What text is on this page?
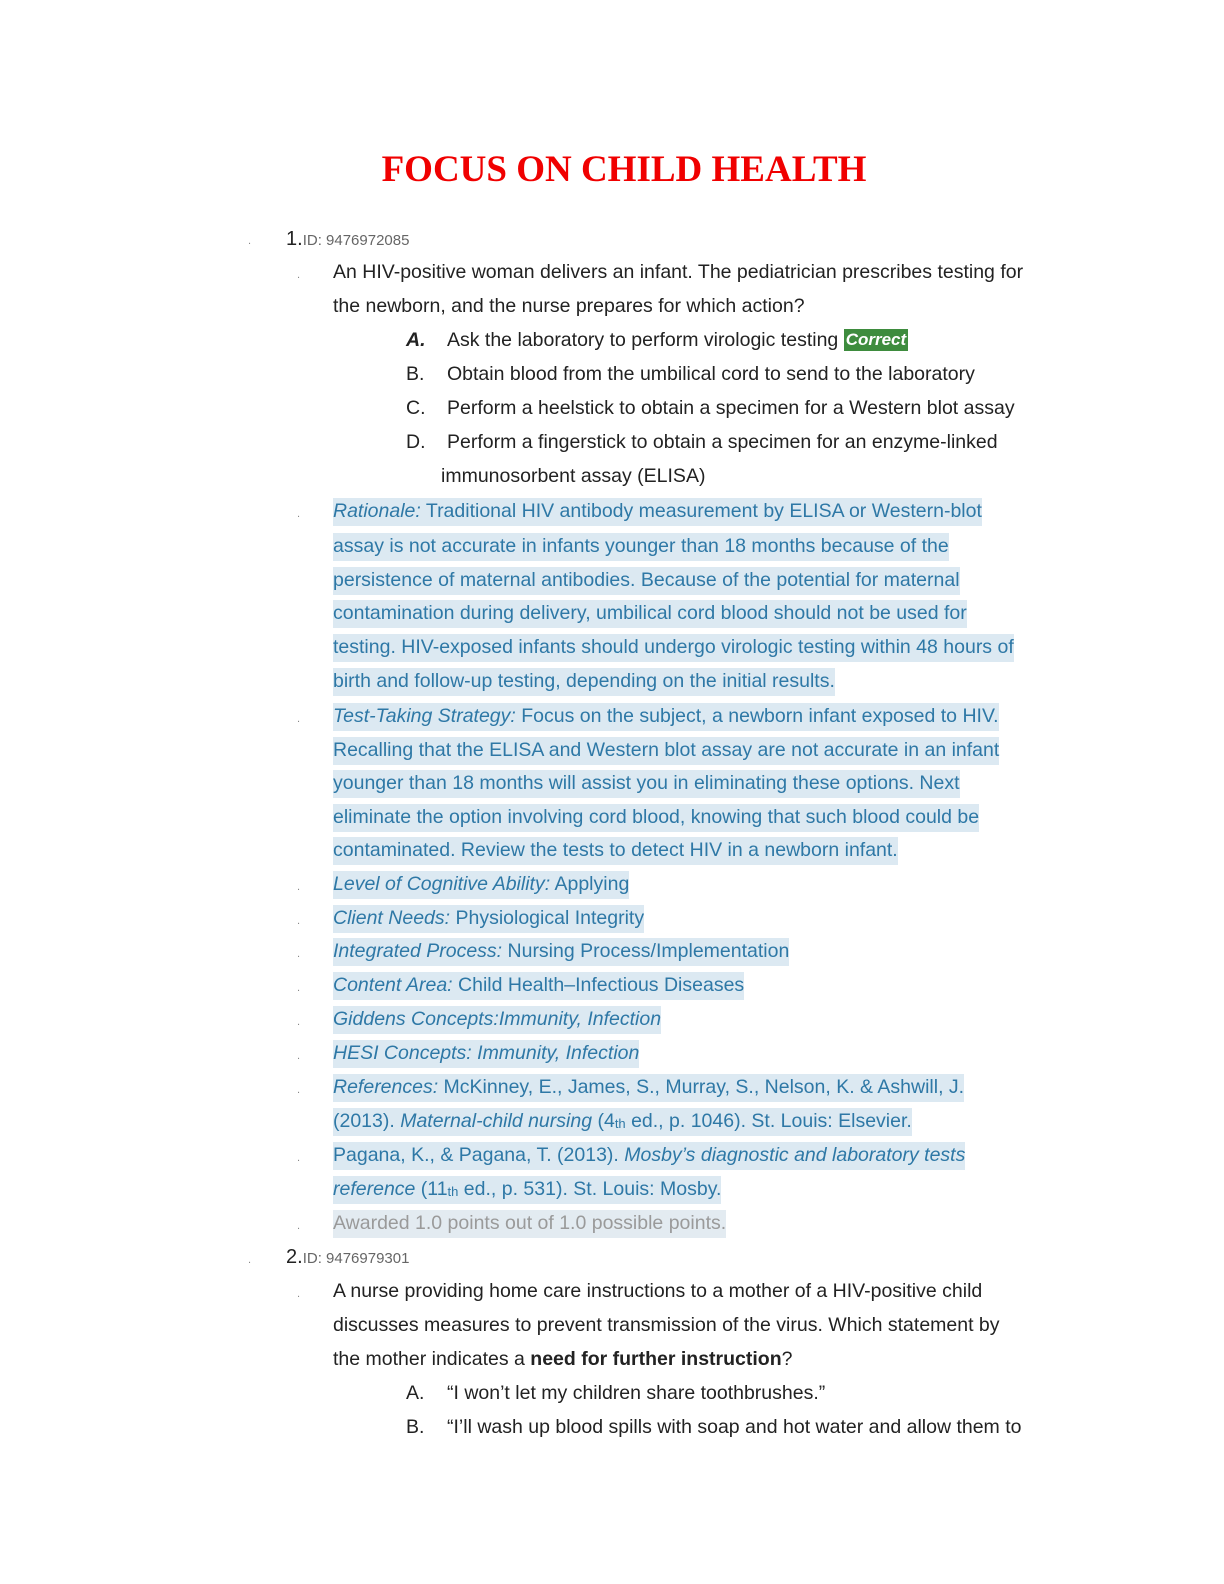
FOCUS ON CHILD HEALTH
. 1.ID: 9476972085
. An HIV-positive woman delivers an infant. The pediatrician prescribes testing for
the newborn, and the nurse prepares for which action?
A. Ask the laboratory to perform virologic testing Correct
B. Obtain blood from the umbilical cord to send to the laboratory
C. Perform a heelstick to obtain a specimen for a Western blot assay
D. Perform a fingerstick to obtain a specimen for an enzyme-linked
immunosorbent assay (ELISA)
. Rationale: Traditional HIV antibody measurement by ELISA or Western-blot
assay is not accurate in infants younger than 18 months because of the
persistence of maternal antibodies. Because of the potential for maternal
contamination during delivery, umbilical cord blood should not be used for
testing. HIV-exposed infants should undergo virologic testing within 48 hours of
birth and follow-up testing, depending on the initial results.
. Test-Taking Strategy: Focus on the subject, a newborn infant exposed to HIV.
Recalling that the ELISA and Western blot assay are not accurate in an infant
younger than 18 months will assist you in eliminating these options. Next
eliminate the option involving cord blood, knowing that such blood could be
contaminated. Review the tests to detect HIV in a newborn infant.
. Level of Cognitive Ability: Applying
. Client Needs: Physiological Integrity
. Integrated Process: Nursing Process/Implementation
. Content Area: Child Health–Infectious Diseases
. Giddens Concepts:Immunity, Infection
. HESI Concepts: Immunity, Infection
. References: McKinney, E., James, S., Murray, S., Nelson, K. & Ashwill, J.
(2013). Maternal-child nursing ($4_{th}$ ed., p. 1046). St. Louis: Elsevier.
. Pagana, K., & Pagana, T. (2013). Mosby’s diagnostic and laboratory tests
reference ($11_{th}$ ed., p. 531). St. Louis: Mosby.
. Awarded 1.0 points out of 1.0 possible points.
. 2.ID: 9476979301
. A nurse providing home care instructions to a mother of a HIV-positive child
discusses measures to prevent transmission of the virus. Which statement by
the mother indicates a need for further instruction?
A. “I won’t let my children share toothbrushes.”
B. “I’ll wash up blood spills with soap and hot water and allow them to
